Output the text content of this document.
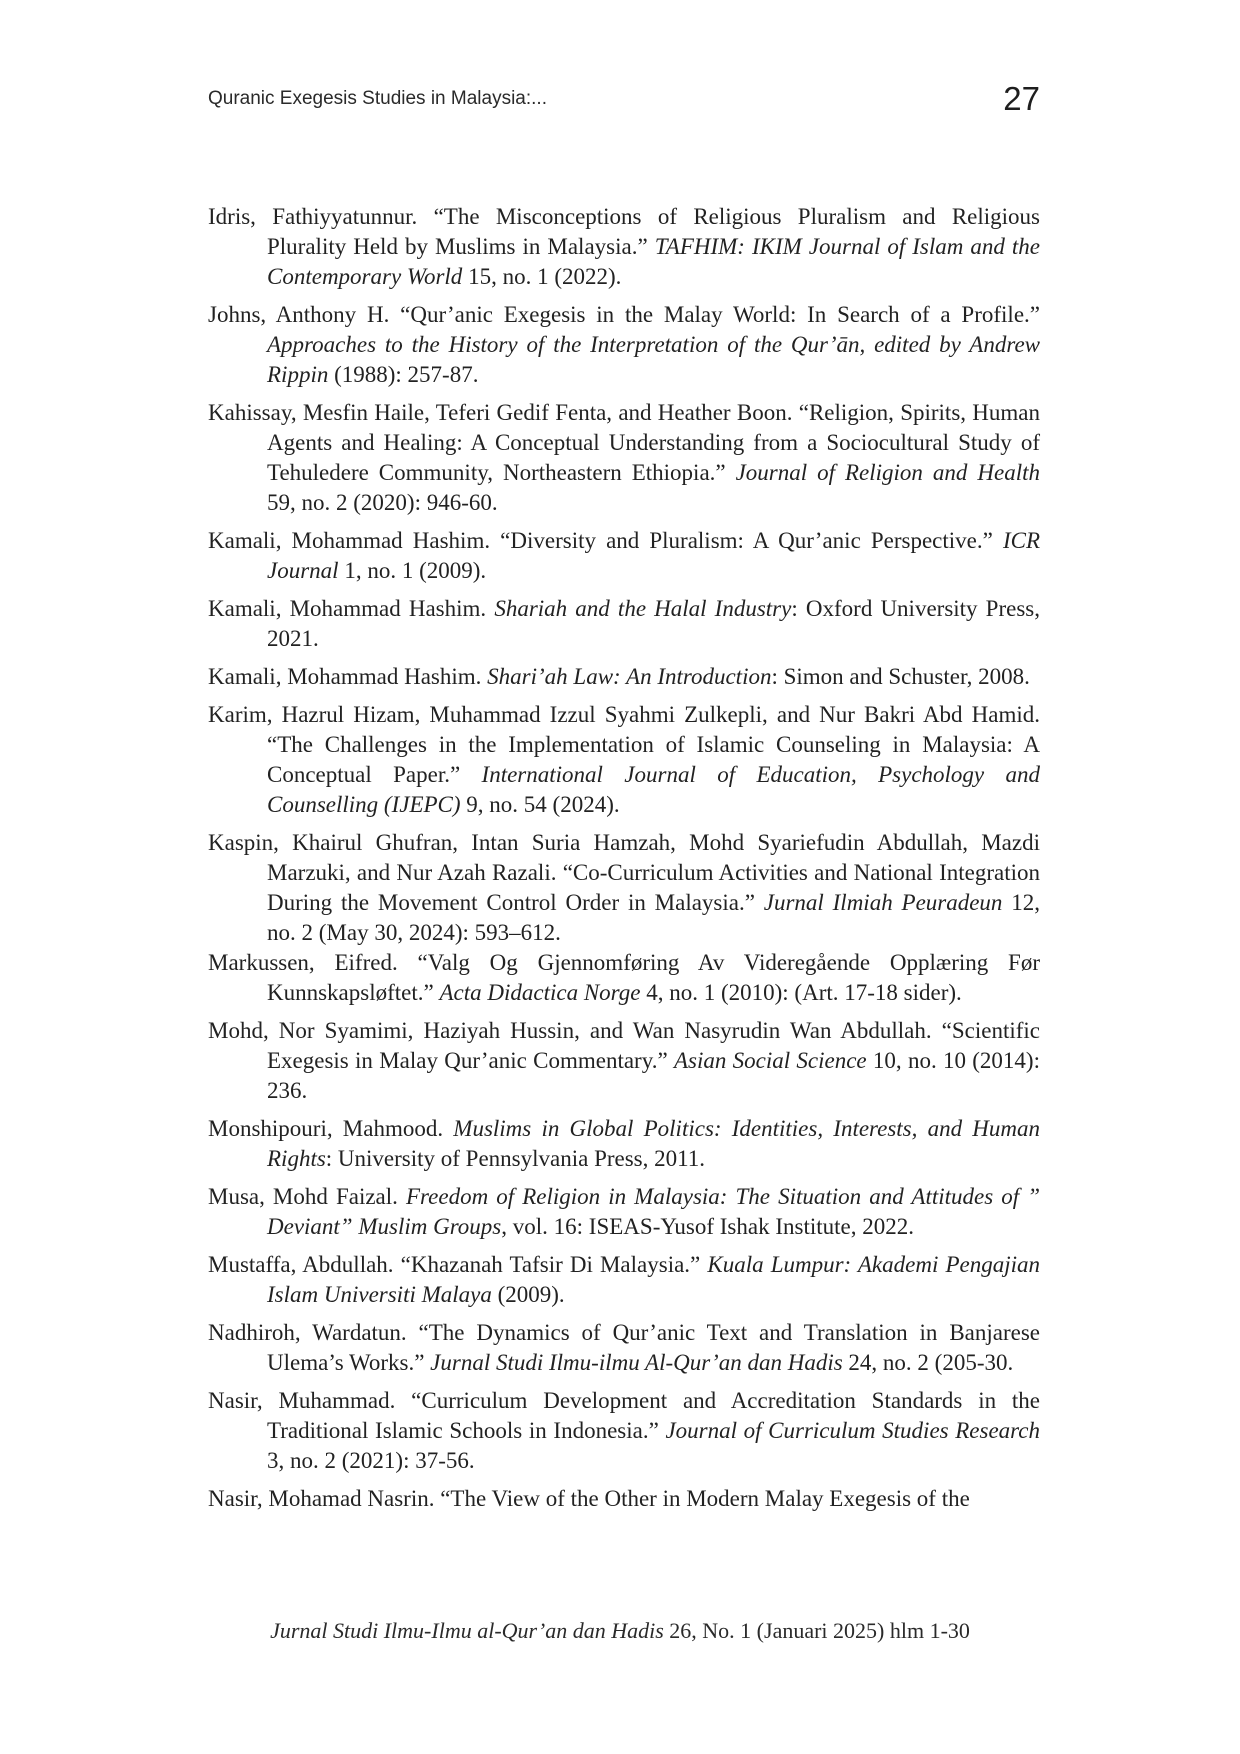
Quranic Exegesis Studies in Malaysia:...	27

Idris, Fathiyyatunnur. “The Misconceptions of Religious Pluralism and Religious Plurality Held by Muslims in Malaysia.” TAFHIM: IKIM Journal of Islam and the Contemporary World 15, no. 1 (2022).

Johns, Anthony H. “Qur’anic Exegesis in the Malay World: In Search of a Profile.” Approaches to the History of the Interpretation of the Qur’ān, edited by Andrew Rippin (1988): 257-87.

Kahissay, Mesfin Haile, Teferi Gedif Fenta, and Heather Boon. “Religion, Spirits, Human Agents and Healing: A Conceptual Understanding from a Sociocultural Study of Tehuledere Community, Northeastern Ethiopia.” Journal of Religion and Health 59, no. 2 (2020): 946-60.

Kamali, Mohammad Hashim. “Diversity and Pluralism: A Qur’anic Perspective.” ICR Journal 1, no. 1 (2009).

Kamali, Mohammad Hashim. Shariah and the Halal Industry: Oxford University Press, 2021.

Kamali, Mohammad Hashim. Shari’ah Law: An Introduction: Simon and Schuster, 2008.

Karim, Hazrul Hizam, Muhammad Izzul Syahmi Zulkepli, and Nur Bakri Abd Hamid. “The Challenges in the Implementation of Islamic Counseling in Malaysia: A Conceptual Paper.” International Journal of Education, Psychology and Counselling (IJEPC) 9, no. 54 (2024).

Kaspin, Khairul Ghufran, Intan Suria Hamzah, Mohd Syariefudin Abdullah, Mazdi Marzuki, and Nur Azah Razali. “Co-Curriculum Activities and National Integration During the Movement Control Order in Malaysia.” Jurnal Ilmiah Peuradeun 12, no. 2 (May 30, 2024): 593–612.

Markussen, Eifred. “Valg Og Gjennomføring Av Videregående Opplæring Før Kunnskapsløftet.” Acta Didactica Norge 4, no. 1 (2010): (Art. 17-18 sider).

Mohd, Nor Syamimi, Haziyah Hussin, and Wan Nasyrudin Wan Abdullah. “Scientific Exegesis in Malay Qur’anic Commentary.” Asian Social Science 10, no. 10 (2014): 236.

Monshipouri, Mahmood. Muslims in Global Politics: Identities, Interests, and Human Rights: University of Pennsylvania Press, 2011.

Musa, Mohd Faizal. Freedom of Religion in Malaysia: The Situation and Attitudes of ” Deviant” Muslim Groups, vol. 16: ISEAS-Yusof Ishak Institute, 2022.

Mustaffa, Abdullah. “Khazanah Tafsir Di Malaysia.” Kuala Lumpur: Akademi Pengajian Islam Universiti Malaya (2009).

Nadhiroh, Wardatun. “The Dynamics of Qur’anic Text and Translation in Banjarese Ulema’s Works.” Jurnal Studi Ilmu-ilmu Al-Qur’an dan Hadis 24, no. 2 (205-30.

Nasir, Muhammad. “Curriculum Development and Accreditation Standards in the Traditional Islamic Schools in Indonesia.” Journal of Curriculum Studies Research 3, no. 2 (2021): 37-56.

Nasir, Mohamad Nasrin. “The View of the Other in Modern Malay Exegesis of the

Jurnal Studi Ilmu-Ilmu al-Qur’an dan Hadis 26, No. 1 (Januari 2025) hlm 1-30
